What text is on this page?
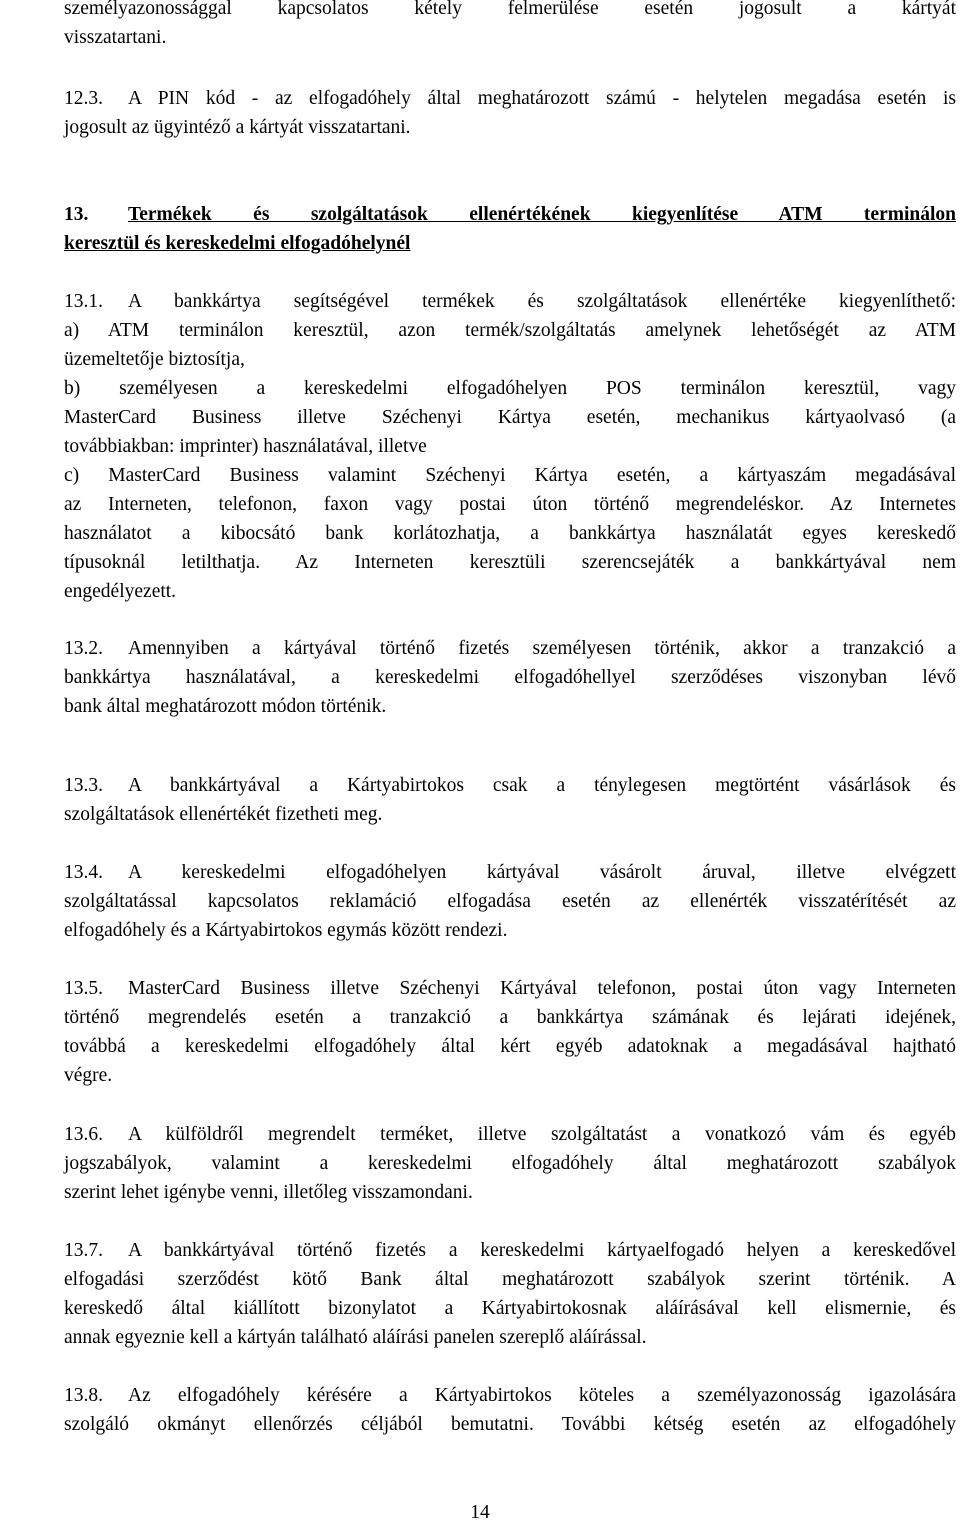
személyazonossággal kapcsolatos kétely felmerülése esetén jogosult a kártyát
visszatartani.
12.3.	A PIN kód - az elfogadóhely által meghatározott számú - helytelen megadása esetén is
jogosult az ügyintéző a kártyát visszatartani.
13.	Termékek és szolgáltatások ellenértékének kiegyenlítése ATM terminálon
keresztül és kereskedelmi elfogadóhelynél
13.1.	A bankkártya segítségével termékek és szolgáltatások ellenértéke kiegyenlíthető:
a) ATM terminálon keresztül, azon termék/szolgáltatás amelynek lehetőségét az ATM
üzemeltetője biztosítja,
b) személyesen a kereskedelmi elfogadóhelyen POS terminálon keresztül, vagy
MasterCard Business illetve Széchenyi Kártya esetén, mechanikus kártyaolvasó (a
továbbiakban: imprinter) használatával, illetve
c) MasterCard Business valamint Széchenyi Kártya esetén, a kártyaszám megadásával
az Interneten, telefonon, faxon vagy postai úton történő megrendeléskor. Az Internetes
használatot a kibocsátó bank korlátozhatja, a bankkártya használatát egyes kereskedő
típusoknál letilthatja. Az Interneten keresztüli szerencsejáték a bankkártyával nem
engedélyezett.
13.2.	Amennyiben a kártyával történő fizetés személyesen történik, akkor a tranzakció a
bankkártya használatával, a kereskedelmi elfogadóhellyel szerződéses viszonyban lévő
bank által meghatározott módon történik.
13.3.	A bankkártyával a Kártyabirtokos csak a ténylegesen megtörtént vásárlások és
szolgáltatások ellenértékét fizetheti meg.
13.4.	A kereskedelmi elfogadóhelyen kártyával vásárolt áruval, illetve elvégzett
szolgáltatással kapcsolatos reklamáció elfogadása esetén az ellenérték visszatérítését az
elfogadóhely és a Kártyabirtokos egymás között rendezi.
13.5.	MasterCard Business illetve Széchenyi Kártyával telefonon, postai úton vagy Interneten
történő megrendelés esetén a tranzakció a bankkártya számának és lejárati idejének,
továbbá a kereskedelmi elfogadóhely által kért egyéb adatoknak a megadásával hajtható
végre.
13.6.	A külföldről megrendelt terméket, illetve szolgáltatást a vonatkozó vám és egyéb
jogszabályok, valamint a kereskedelmi elfogadóhely által meghatározott szabályok
szerint lehet igénybe venni, illetőleg visszamondani.
13.7.	A bankkártyával történő fizetés a kereskedelmi kártyaelfogadó helyen a kereskedővel
elfogadási szerződést kötő Bank által meghatározott szabályok szerint történik. A
kereskedő által kiállított bizonylatot a Kártyabirtokosnak aláírásával kell elismernie, és
annak egyeznie kell a kártyán található aláírási panelen szereplő aláírással.
13.8.	Az elfogadóhely kérésére a Kártyabirtokos köteles a személyazonosság igazolására
szolgáló okmányt ellenőrzés céljából bemutatni. További kétség esetén az elfogadóhely
14
